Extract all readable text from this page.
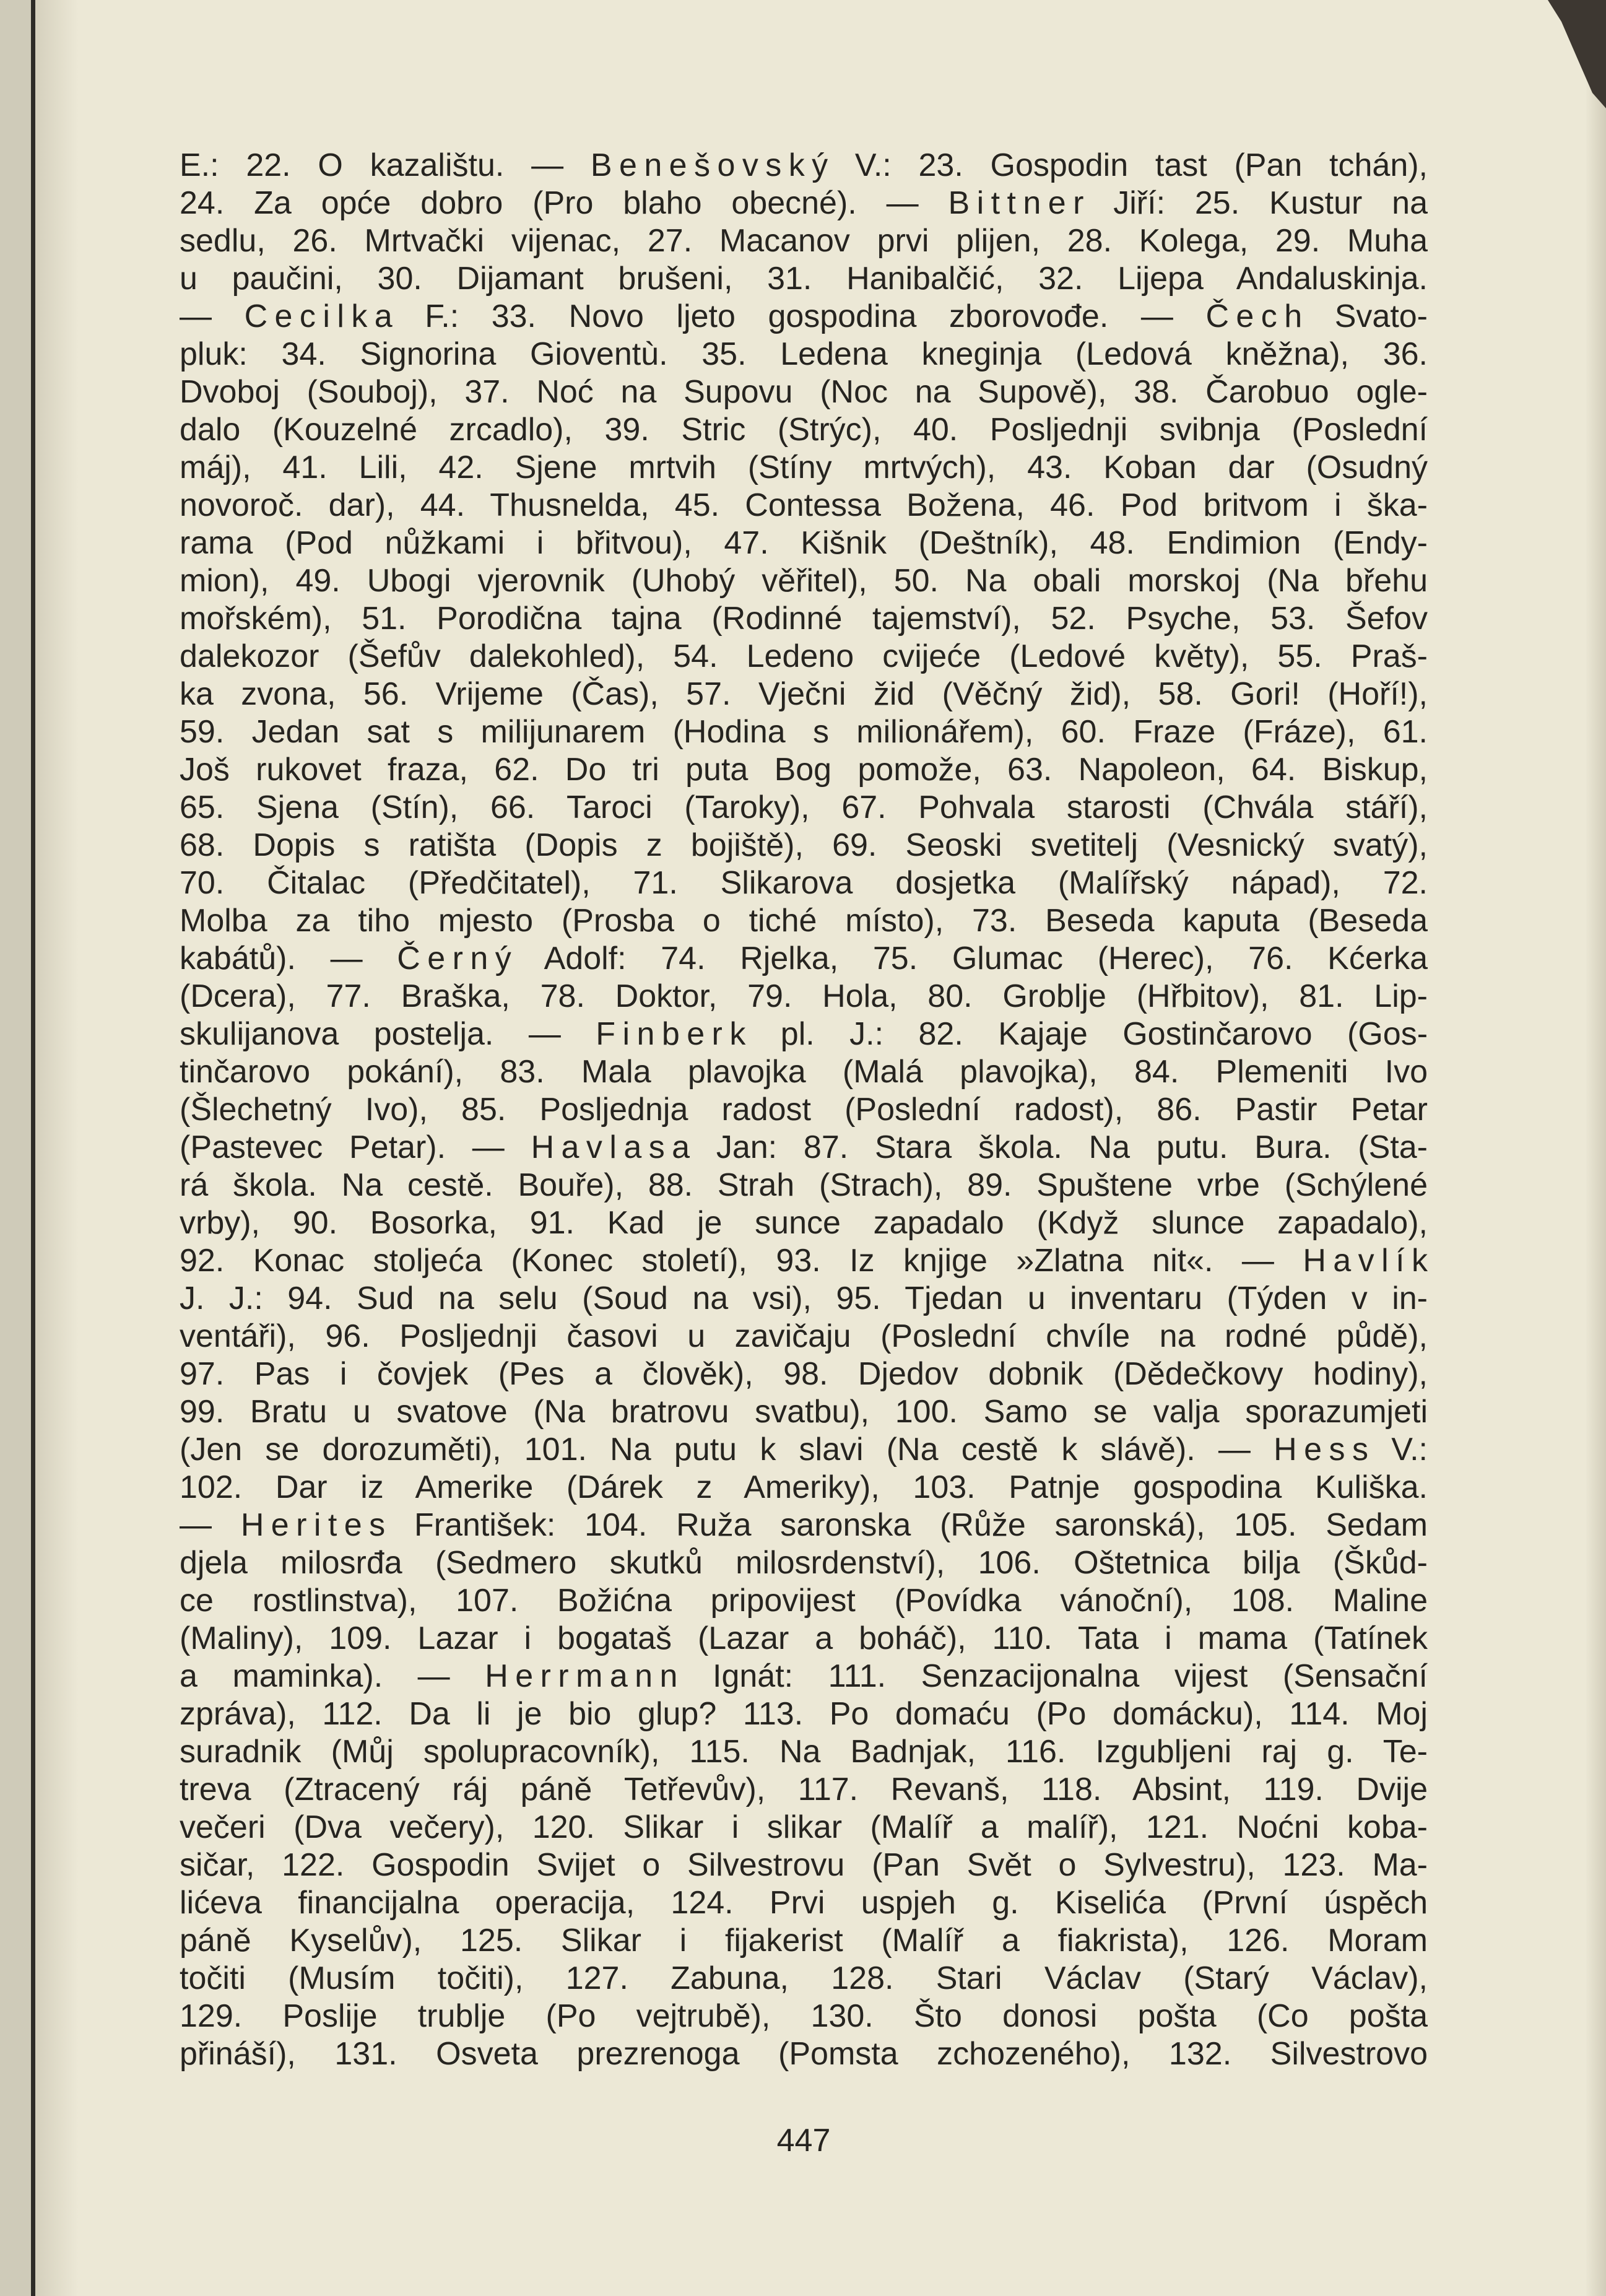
E.: 22. O kazalištu. — Benešovský V.: 23. Gospodin tast (Pan tchán),
24. Za opće dobro (Pro blaho obecné). — Bittner Jiří: 25. Kustur na
sedlu, 26. Mrtvački vijenac, 27. Macanov prvi plijen, 28. Kolega, 29. Muha
u paučini, 30. Dijamant brušeni, 31. Hanibalčić, 32. Lijepa Andaluskinja.
— Cecilka F.: 33. Novo ljeto gospodina zborovođe. — Čech Svato-
pluk: 34. Signorina Gioventù. 35. Ledena kneginja (Ledová kněžna), 36.
Dvoboj (Souboj), 37. Noć na Supovu (Noc na Supově), 38. Čarobuo ogle-
dalo (Kouzelné zrcadlo), 39. Stric (Strýc), 40. Posljednji svibnja (Poslední
máj), 41. Lili, 42. Sjene mrtvih (Stíny mrtvých), 43. Koban dar (Osudný
novoroč. dar), 44. Thusnelda, 45. Contessa Božena, 46. Pod britvom i ška-
rama (Pod nůžkami i břitvou), 47. Kišnik (Deštník), 48. Endimion (Endy-
mion), 49. Ubogi vjerovnik (Uhobý věřitel), 50. Na obali morskoj (Na břehu
mořském), 51. Porodična tajna (Rodinné tajemství), 52. Psyche, 53. Šefov
dalekozor (Šefův dalekohled), 54. Ledeno cvijeće (Ledové květy), 55. Praš-
ka zvona, 56. Vrijeme (Čas), 57. Vječni žid (Věčný žid), 58. Gori! (Hoří!),
59. Jedan sat s milijunarem (Hodina s milionářem), 60. Fraze (Fráze), 61.
Još rukovet fraza, 62. Do tri puta Bog pomože, 63. Napoleon, 64. Biskup,
65. Sjena (Stín), 66. Taroci (Taroky), 67. Pohvala starosti (Chvála stáří),
68. Dopis s ratišta (Dopis z bojiště), 69. Seoski svetitelj (Vesnický svatý),
70. Čitalac (Předčitatel), 71. Slikarova dosjetka (Malířský nápad), 72.
Molba za tiho mjesto (Prosba o tiché místo), 73. Beseda kaputa (Beseda
kabátů). — Černý Adolf: 74. Rjelka, 75. Glumac (Herec), 76. Kćerka
(Dcera), 77. Braška, 78. Doktor, 79. Hola, 80. Groblje (Hřbitov), 81. Lip-
skulijanova postelja. — Finberk pl. J.: 82. Kajaje Gostinčarovo (Gos-
tinčarovo pokání), 83. Mala plavojka (Malá plavojka), 84. Plemeniti Ivo
(Šlechetný Ivo), 85. Posljednja radost (Poslední radost), 86. Pastir Petar
(Pastevec Petar). — Havlasa Jan: 87. Stara škola. Na putu. Bura. (Sta-
rá škola. Na cestě. Bouře), 88. Strah (Strach), 89. Spuštene vrbe (Schýlené
vrby), 90. Bosorka, 91. Kad je sunce zapadalo (Když slunce zapadalo),
92. Konac stoljeća (Konec století), 93. Iz knjige »Zlatna nit«. — Havlík
J. J.: 94. Sud na selu (Soud na vsi), 95. Tjedan u inventaru (Týden v in-
ventáři), 96. Posljednji časovi u zavičaju (Poslední chvíle na rodné půdě),
97. Pas i čovjek (Pes a člověk), 98. Djedov dobnik (Dědečkovy hodiny),
99. Bratu u svatove (Na bratrovu svatbu), 100. Samo se valja sporazumjeti
(Jen se dorozuměti), 101. Na putu k slavi (Na cestě k slávě). — Hess V.:
102. Dar iz Amerike (Dárek z Ameriky), 103. Patnje gospodina Kuliška.
— Herites František: 104. Ruža saronska (Růže saronská), 105. Sedam
djela milosrđa (Sedmero skutků milosrdenství), 106. Oštetnica bilja (Škůd-
ce rostlinstva), 107. Božićna pripovijest (Povídka vánoční), 108. Maline
(Maliny), 109. Lazar i bogataš (Lazar a boháč), 110. Tata i mama (Tatínek
a maminka). — Herrmann Ignát: 111. Senzacijonalna vijest (Sensační
zpráva), 112. Da li je bio glup? 113. Po domaću (Po domácku), 114. Moj
suradnik (Můj spolupracovník), 115. Na Badnjak, 116. Izgubljeni raj g. Te-
treva (Ztracený ráj páně Tetřevův), 117. Revanš, 118. Absint, 119. Dvije
večeri (Dva večery), 120. Slikar i slikar (Malíř a malíř), 121. Noćni koba-
sičar, 122. Gospodin Svijet o Silvestrovu (Pan Svět o Sylvestru), 123. Ma-
lićeva financijalna operacija, 124. Prvi uspjeh g. Kiselića (První úspěch
páně Kyselův), 125. Slikar i fijakerist (Malíř a fiakrista), 126. Moram
točiti (Musím točiti), 127. Zabuna, 128. Stari Václav (Starý Václav),
129. Poslije trublje (Po vejtrubě), 130. Što donosi pošta (Co pošta
přináší), 131. Osveta prezrenoga (Pomsta zchozeného), 132. Silvestrovo
447
